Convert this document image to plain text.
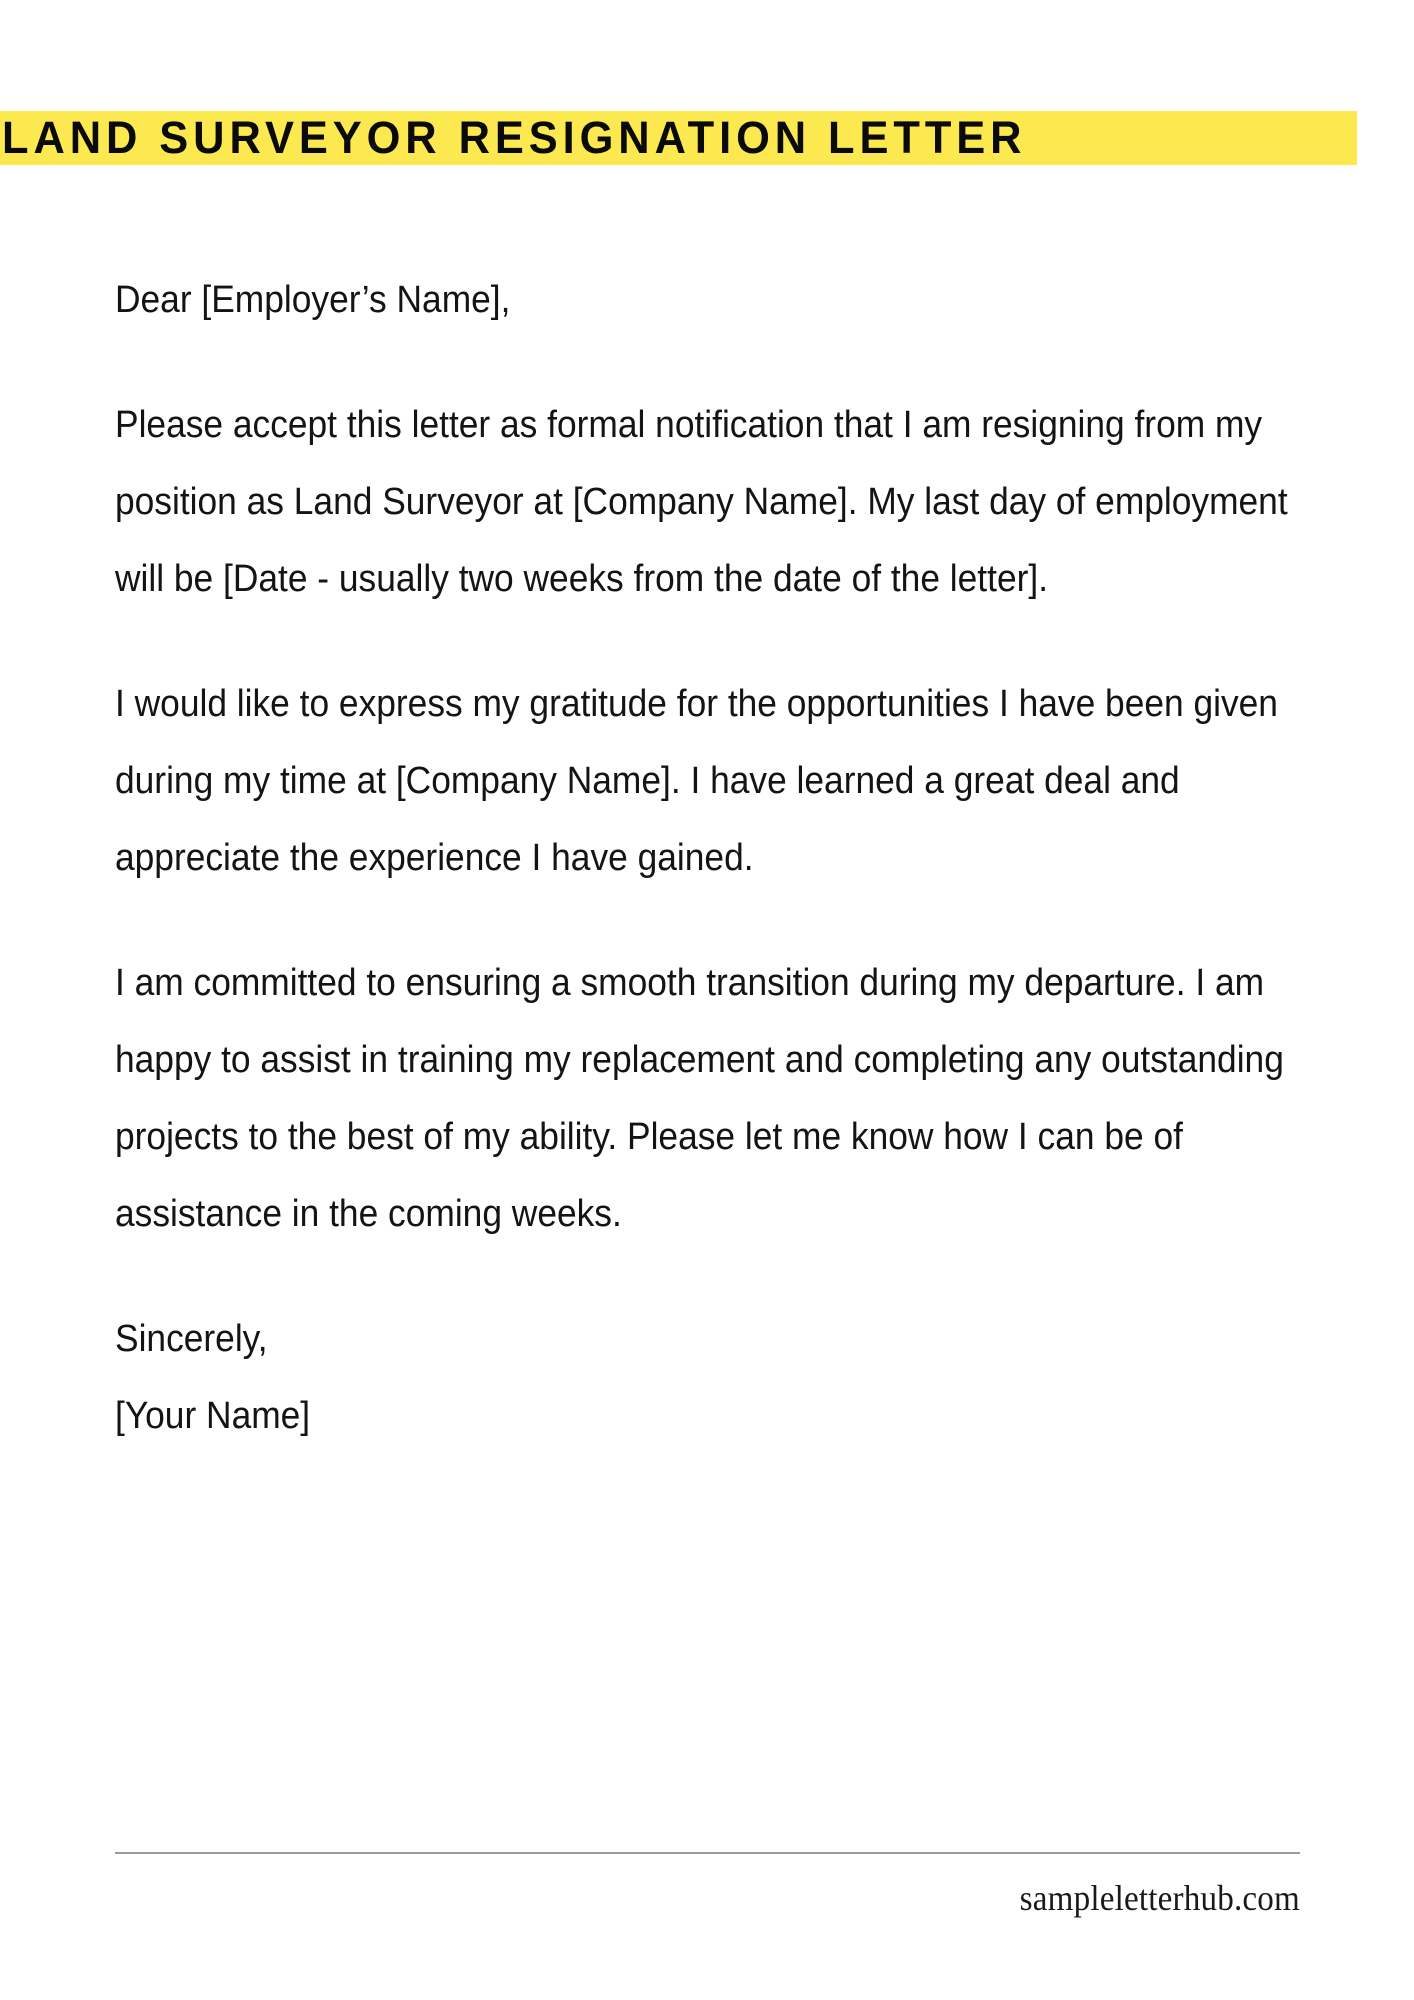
LAND SURVEYOR RESIGNATION LETTER

Dear [Employer’s Name],

Please accept this letter as formal notification that I am resigning from my position as Land Surveyor at [Company Name]. My last day of employment will be [Date - usually two weeks from the date of the letter].

I would like to express my gratitude for the opportunities I have been given during my time at [Company Name]. I have learned a great deal and appreciate the experience I have gained.

I am committed to ensuring a smooth transition during my departure. I am happy to assist in training my replacement and completing any outstanding projects to the best of my ability. Please let me know how I can be of assistance in the coming weeks.

Sincerely,

[Your Name]

sampleletterhub.com
